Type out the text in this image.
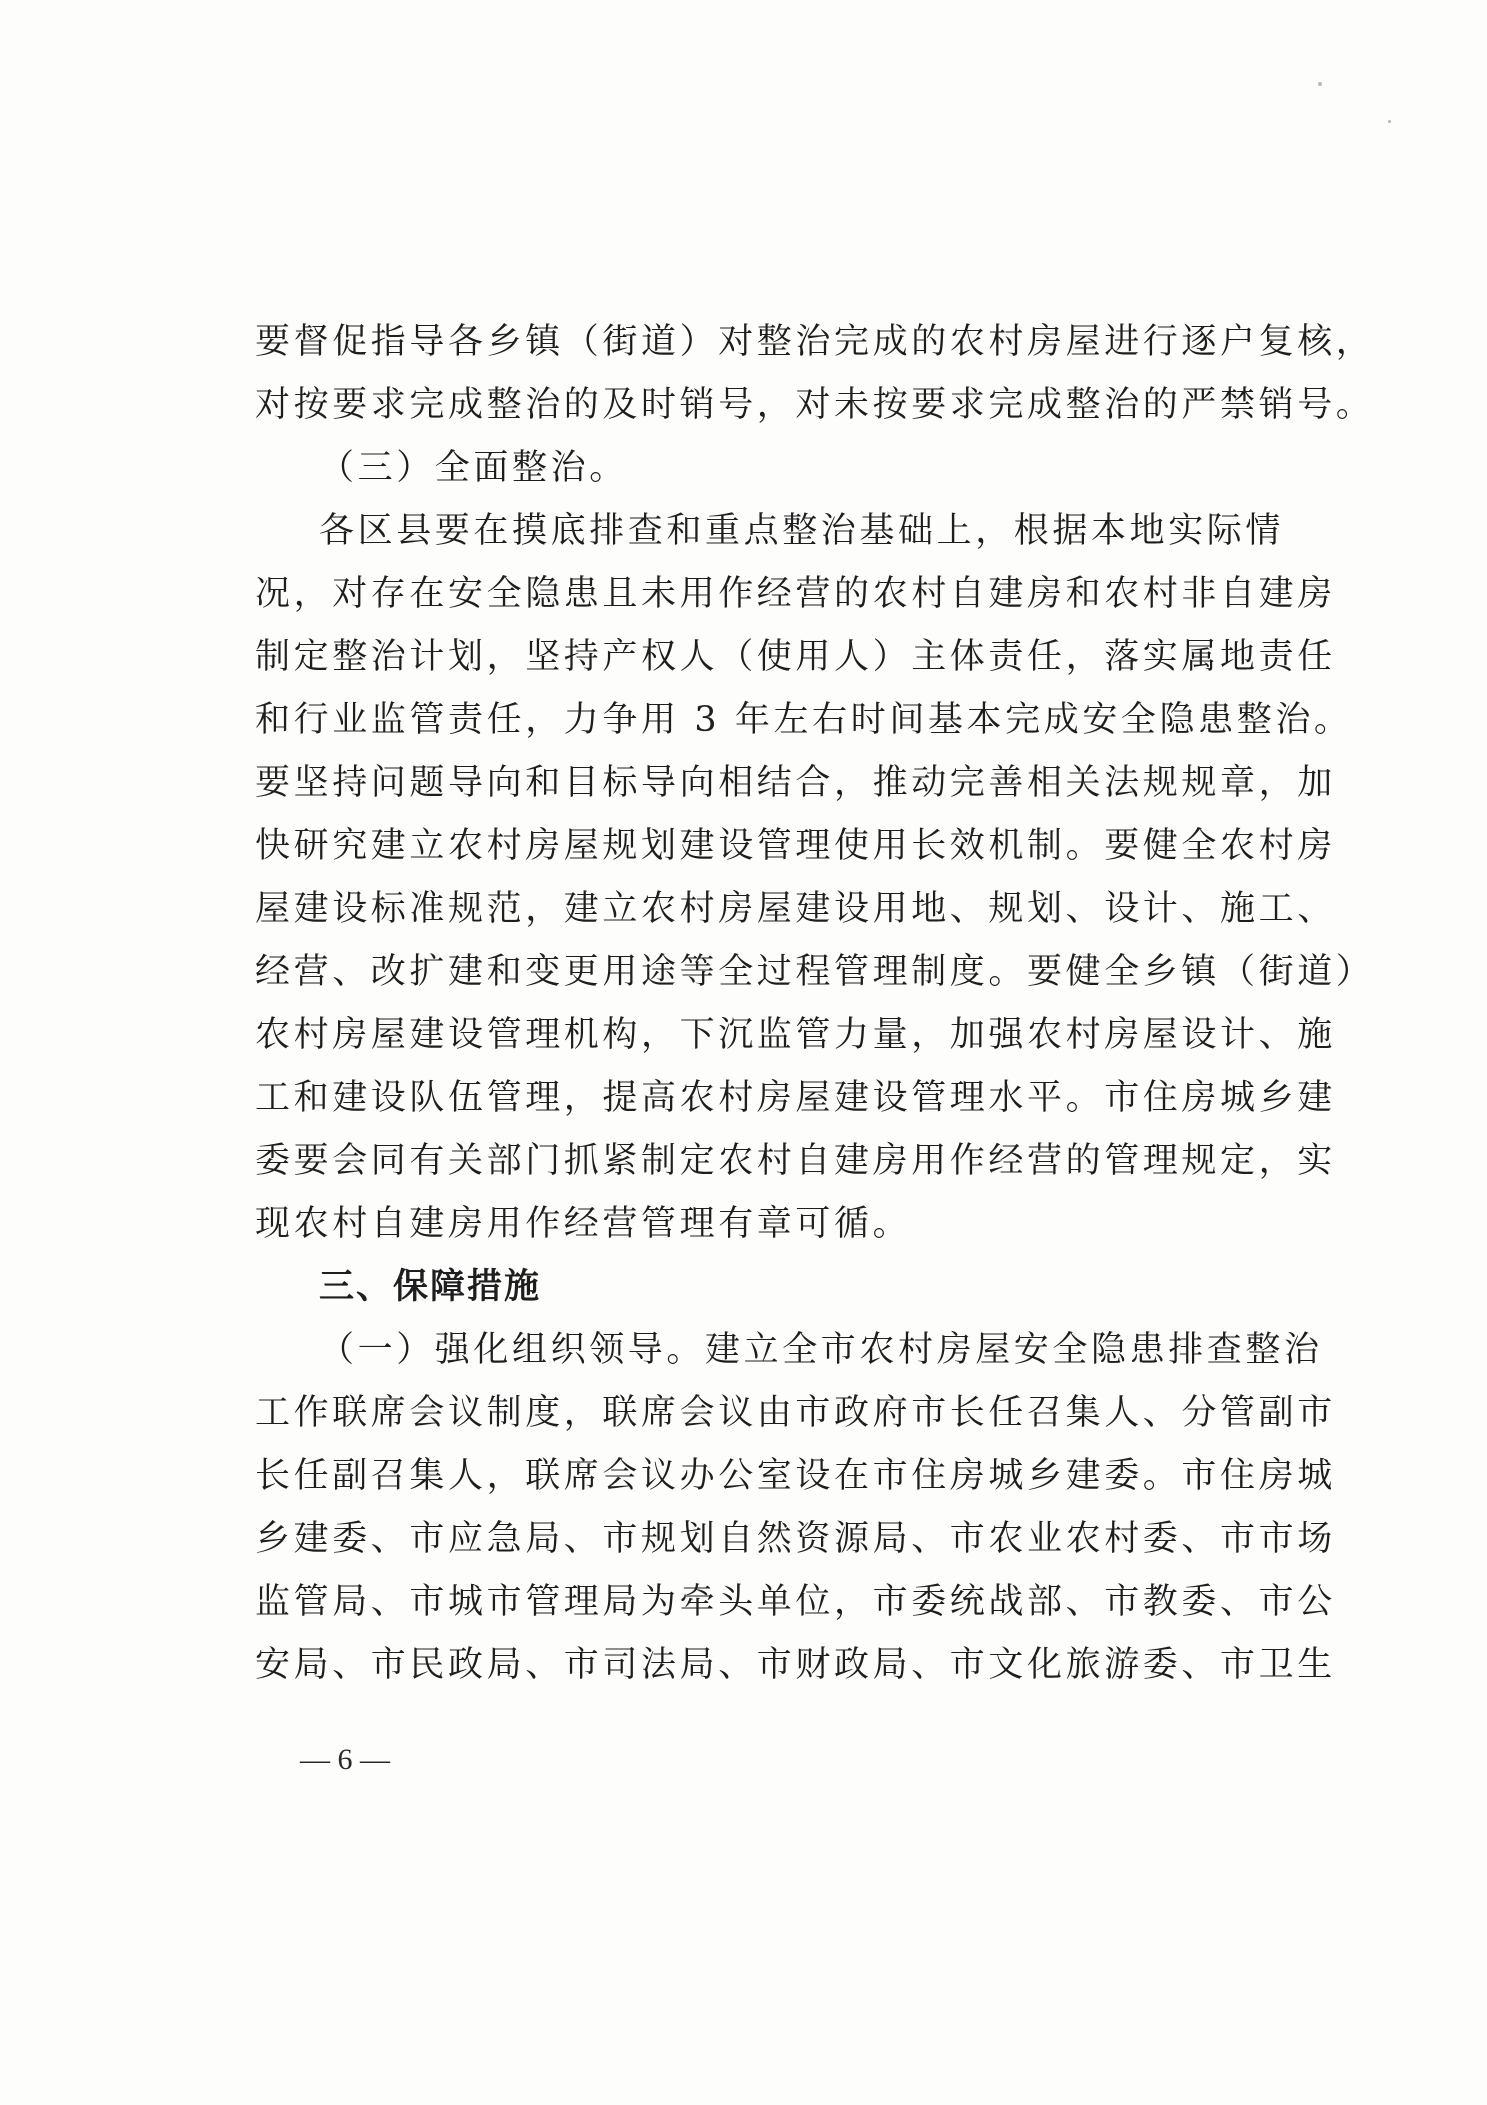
要督促指导各乡镇（街道）对整治完成的农村房屋进行逐户复核，
对按要求完成整治的及时销号，对未按要求完成整治的严禁销号。
（三）全面整治。
各区县要在摸底排查和重点整治基础上，根据本地实际情
况，对存在安全隐患且未用作经营的农村自建房和农村非自建房
制定整治计划，坚持产权人（使用人）主体责任，落实属地责任
和行业监管责任，力争用 3 年左右时间基本完成安全隐患整治。
要坚持问题导向和目标导向相结合，推动完善相关法规规章，加
快研究建立农村房屋规划建设管理使用长效机制。要健全农村房
屋建设标准规范，建立农村房屋建设用地、规划、设计、施工、
经营、改扩建和变更用途等全过程管理制度。要健全乡镇（街道）
农村房屋建设管理机构，下沉监管力量，加强农村房屋设计、施
工和建设队伍管理，提高农村房屋建设管理水平。市住房城乡建
委要会同有关部门抓紧制定农村自建房用作经营的管理规定，实
现农村自建房用作经营管理有章可循。
三、保障措施
（一）强化组织领导。建立全市农村房屋安全隐患排查整治
工作联席会议制度，联席会议由市政府市长任召集人、分管副市
长任副召集人，联席会议办公室设在市住房城乡建委。市住房城
乡建委、市应急局、市规划自然资源局、市农业农村委、市市场
监管局、市城市管理局为牵头单位，市委统战部、市教委、市公
安局、市民政局、市司法局、市财政局、市文化旅游委、市卫生
— 6 —
